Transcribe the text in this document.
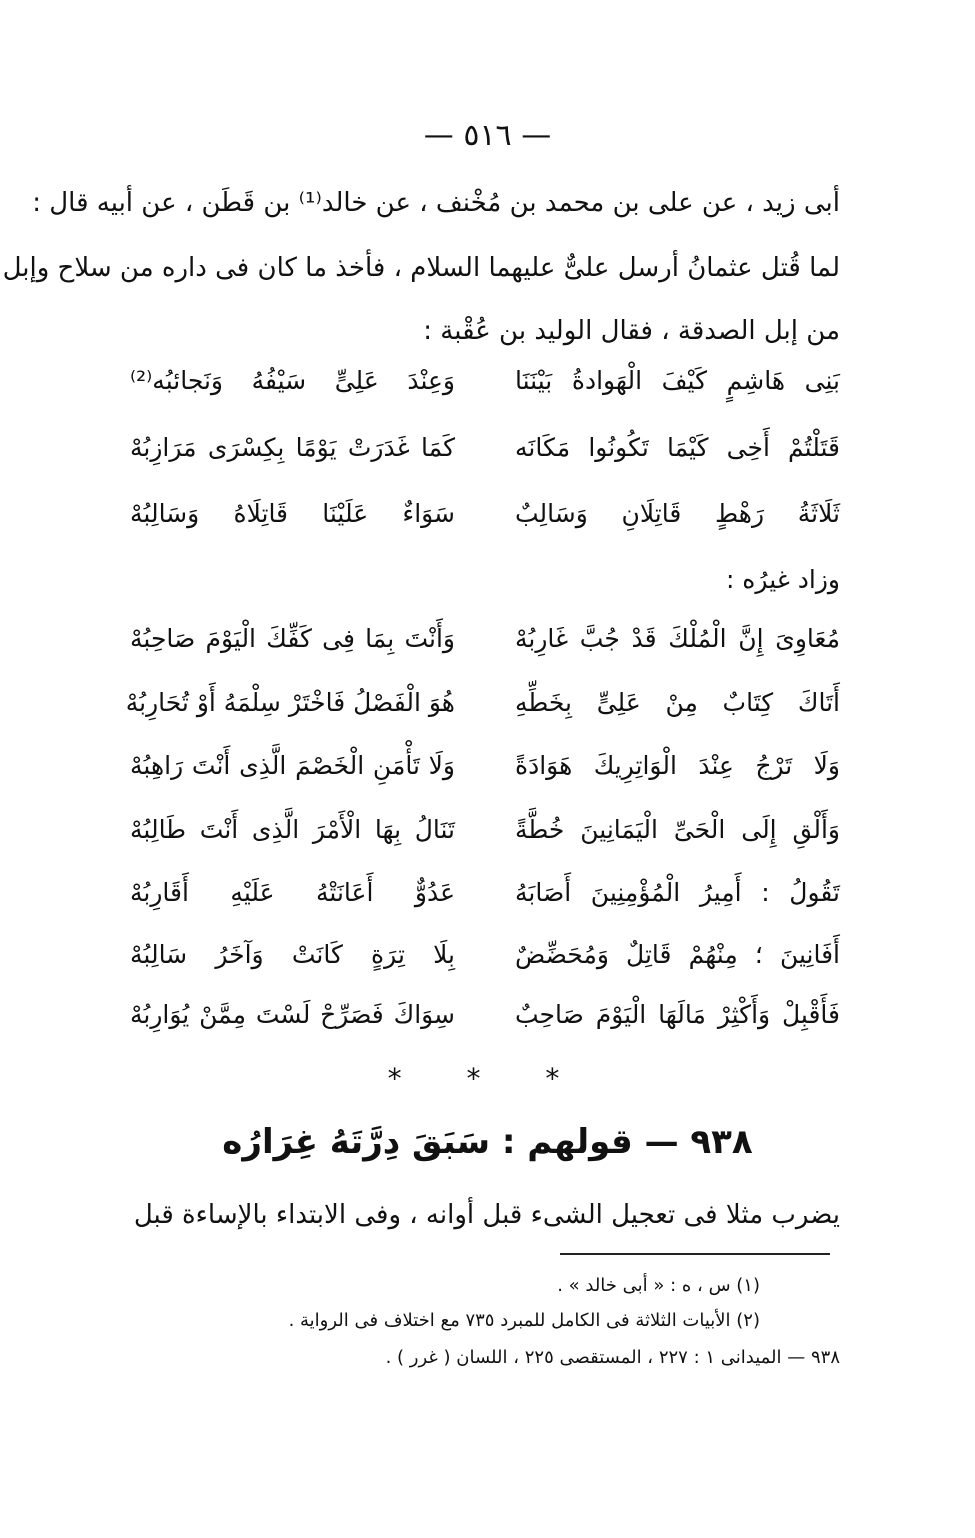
— ٥١٦ —
أبى زيد ، عن على بن محمد بن مُخْنف ، عن خالد⁽¹⁾ بن قَطَن ، عن أبيه قال :
لما قُتل عثمانُ أرسل علىٌّ عليهما السلام ، فأخذ ما كان فى داره من سلاح وإبل
من إبل الصدقة ، فقال الوليد بن عُقْبة :
بَنِى هَاشِمٍ كَيْفَ الْهَوادةُ بَيْنَنَا
وَعِنْدَ عَلِىٍّ سَيْفُهُ وَنَجائبُه⁽²⁾
قَتَلْتُمْ أَخِى كَيْمَا تَكُونُوا مَكَانَه
كَمَا غَدَرَتْ يَوْمًا بِكِسْرَى مَرَازِبُهْ
ثَلَاثَةُ رَهْطٍ قَاتِلَانِ وَسَالِبٌ
سَوَاءٌ عَلَيْنَا قَاتِلَاهُ وَسَالِبُهْ
وزاد غيرُه :
مُعَاوِىَ إِنَّ الْمُلْكَ قَدْ جُبَّ غَارِبُهْ
وَأَنْتَ بِمَا فِى كَفِّكَ الْيَوْمَ صَاحِبُهْ
أَتَاكَ كِتَابٌ مِنْ عَلِىٍّ بِخَطِّهِ
هُوَ الْفَصْلُ فَاخْتَرْ سِلْمَهُ أَوْ تُحَارِبُهْ
وَلَا تَرْجُ عِنْدَ الْوَاتِرِيكَ هَوَادَةً
وَلَا تَأْمَنِ الْخَصْمَ الَّذِى أَنْتَ رَاهِبُهْ
وَأَلْقِ إِلَى الْحَىِّ الْيَمَانِينَ خُطَّةً
تَنَالُ بِهَا الْأَمْرَ الَّذِى أَنْتَ طَالِبُهْ
تَقُولُ : أَمِيرُ الْمُؤْمِنِينَ أَصَابَهُ
عَدُوٌّ أَعَانَتْهُ عَلَيْهِ أَقَارِبُهْ
أَفَانِينَ ؛ مِنْهُمْ قَاتِلٌ وَمُحَضِّضٌ
بِلَا تِرَةٍ كَانَتْ وَآخَرُ سَالِبُهْ
فَأَقْبِلْ وَأَكْثِرْ مَالَهَا الْيَوْمَ صَاحِبٌ
سِوَاكَ فَصَرِّحْ لَسْتَ مِمَّنْ يُوَارِبُهْ
* * *
٩٣٨ — قولهم : سَبَقَ دِرَّتَهُ غِرَارُه
يضرب مثلا فى تعجيل الشىء قبل أوانه ، وفى الابتداء بالإساءة قبل
(١) س ، ه : « أبى خالد » .
(٢) الأبيات الثلاثة فى الكامل للمبرد ٧٣٥ مع اختلاف فى الرواية .
٩٣٨ — الميدانى ١ : ٢٢٧ ، المستقصى ٢٢٥ ، اللسان ( غرر ) .
